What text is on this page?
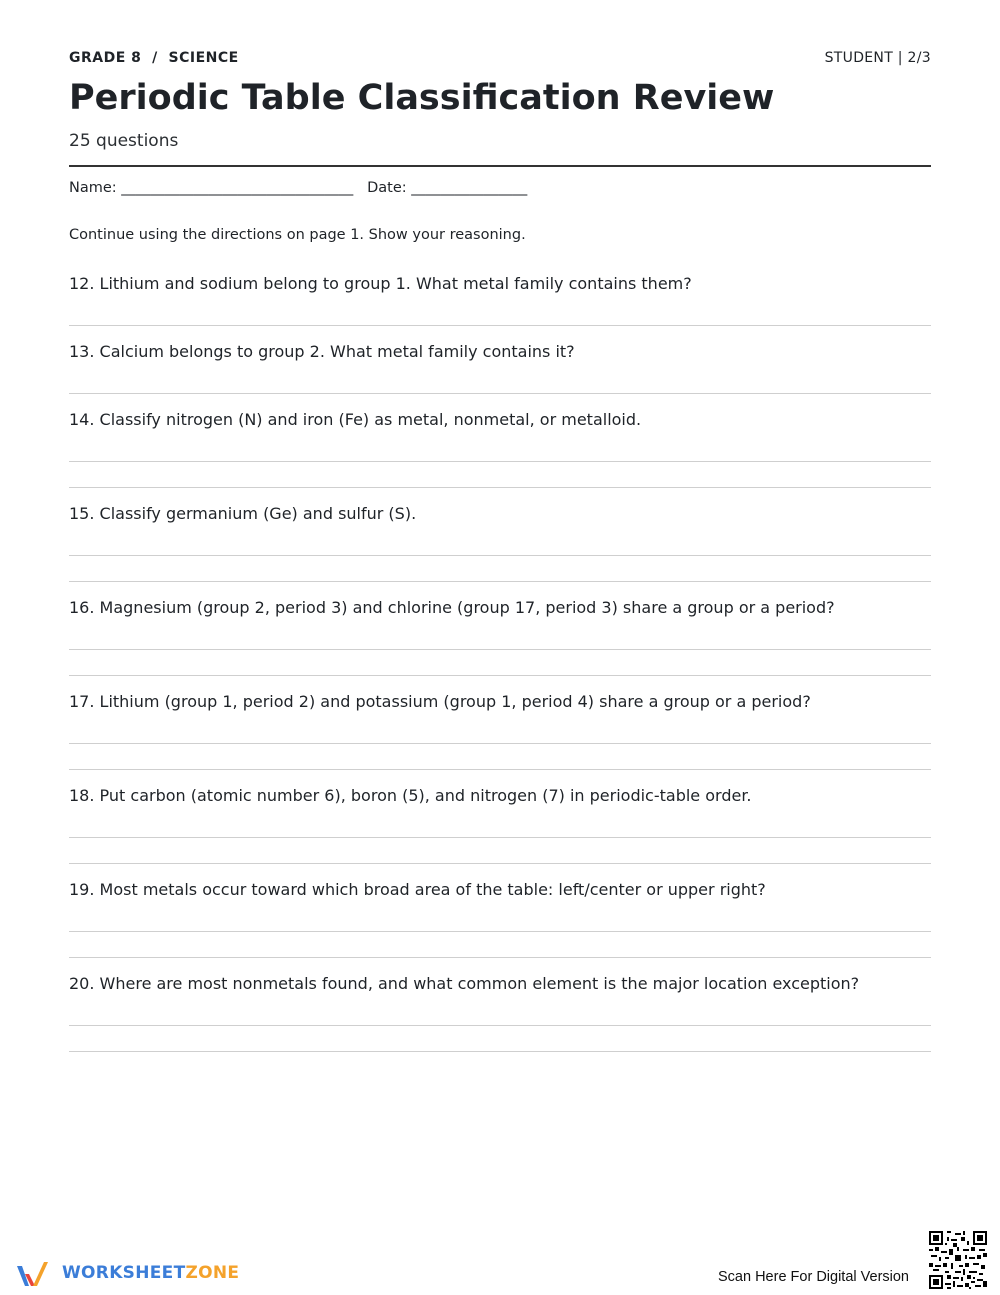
GRADE 8  /  SCIENCE	STUDENT | 2/3
Periodic Table Classification Review
25 questions
Name: ________________________________ Date: ________________
Continue using the directions on page 1. Show your reasoning.
12. Lithium and sodium belong to group 1. What metal family contains them?
13. Calcium belongs to group 2. What metal family contains it?
14. Classify nitrogen (N) and iron (Fe) as metal, nonmetal, or metalloid.
15. Classify germanium (Ge) and sulfur (S).
16. Magnesium (group 2, period 3) and chlorine (group 17, period 3) share a group or a period?
17. Lithium (group 1, period 2) and potassium (group 1, period 4) share a group or a period?
18. Put carbon (atomic number 6), boron (5), and nitrogen (7) in periodic-table order.
19. Most metals occur toward which broad area of the table: left/center or upper right?
20. Where are most nonmetals found, and what common element is the major location exception?
WORKSHEETZONE	Scan Here For Digital Version
